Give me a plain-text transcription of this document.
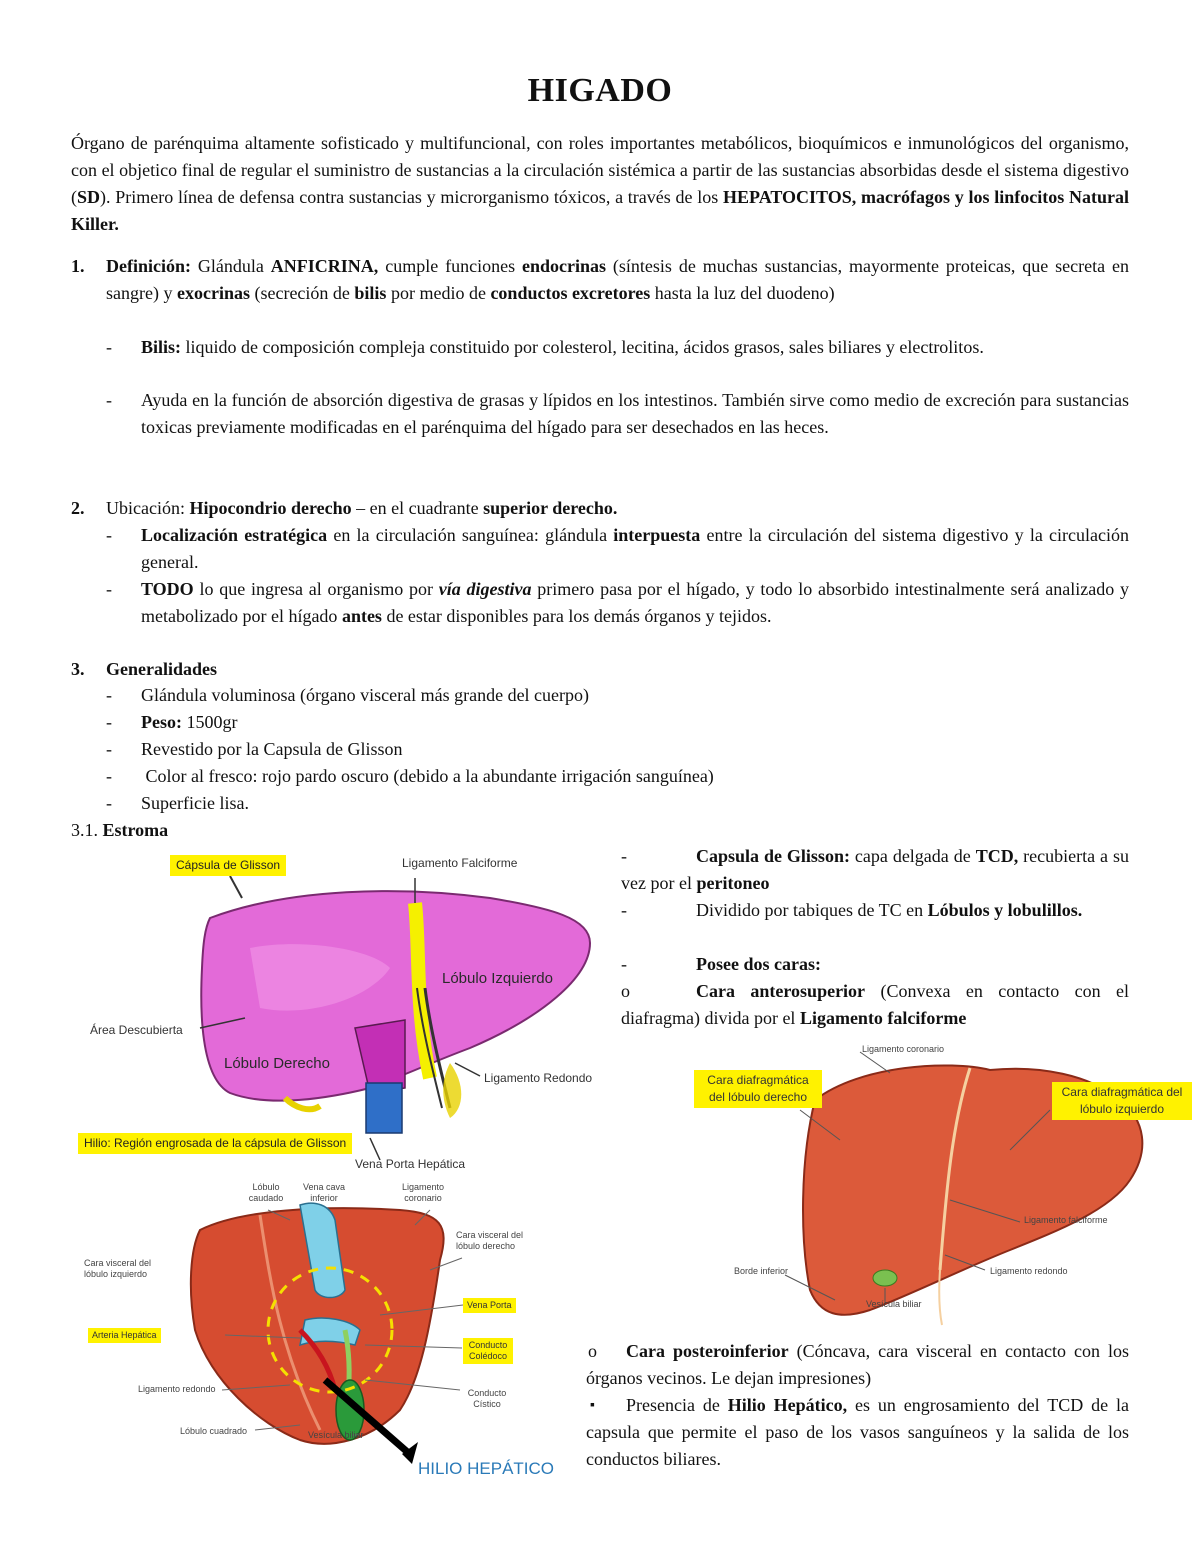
HIGADO
Órgano de parénquima altamente sofisticado y multifuncional, con roles importantes metabólicos, bioquímicos e inmunológicos del organismo, con el objetico final de regular el suministro de sustancias a la circulación sistémica a partir de las sustancias absorbidas desde el sistema digestivo (SD). Primero línea de defensa contra sustancias y microrganismo tóxicos, a través de los HEPATOCITOS, macrófagos y los linfocitos Natural Killer.
1. Definición: Glándula ANFICRINA, cumple funciones endocrinas (síntesis de muchas sustancias, mayormente proteicas, que secreta en sangre) y exocrinas (secreción de bilis por medio de conductos excretores hasta la luz del duodeno)
- Bilis: liquido de composición compleja constituido por colesterol, lecitina, ácidos grasos, sales biliares y electrolitos.
- Ayuda en la función de absorción digestiva de grasas y lípidos en los intestinos. También sirve como medio de excreción para sustancias toxicas previamente modificadas en el parénquima del hígado para ser desechados en las heces.
2. Ubicación: Hipocondrio derecho – en el cuadrante superior derecho.
- Localización estratégica en la circulación sanguínea: glándula interpuesta entre la circulación del sistema digestivo y la circulación general.
- TODO lo que ingresa al organismo por vía digestiva primero pasa por el hígado, y todo lo absorbido intestinalmente será analizado y metabolizado por el hígado antes de estar disponibles para los demás órganos y tejidos.
3. Generalidades
- Glándula voluminosa (órgano visceral más grande del cuerpo)
- Peso: 1500gr
- Revestido por la Capsula de Glisson
- Color al fresco: rojo pardo oscuro (debido a la abundante irrigación sanguínea)
- Superficie lisa.
3.1. Estroma
-	Capsula de Glisson: capa delgada de TCD, recubierta a su vez por el peritoneo
-	Dividido por tabiques de TC en Lóbulos y lobulillos.
-	Posee dos caras:
o	Cara anterosuperior (Convexa en contacto con el diafragma) divida por el Ligamento falciforme
o	Cara posteroinferior (Cóncava, cara visceral en contacto con los órganos vecinos. Le dejan impresiones)
▪	Presencia de Hilio Hepático, es un engrosamiento del TCD de la capsula que permite el paso de los vasos sanguíneos y la salida de los conductos biliares.
Cápsula de Glisson	Ligamento Falciforme
Lóbulo Izquierdo
Área Descubierta
Lóbulo Derecho
Ligamento Redondo
Hilio: Región engrosada de la cápsula de Glisson
Vena Porta Hepática
Lóbulo caudado
Vena cava inferior
Ligamento coronario
Cara visceral del lóbulo derecho
Cara visceral del lóbulo izquierdo
Vena Porta
Arteria Hepática
Conducto Colédoco
Ligamento redondo	Conducto Cístico
Lóbulo cuadrado	Vesícula biliar
HILIO HEPÁTICO
Ligamento coronario
Cara diafragmática del lóbulo derecho	Cara diafragmática del lóbulo izquierdo
Ligamento falciforme
Borde inferior	Ligamento redondo
Vesícula biliar
